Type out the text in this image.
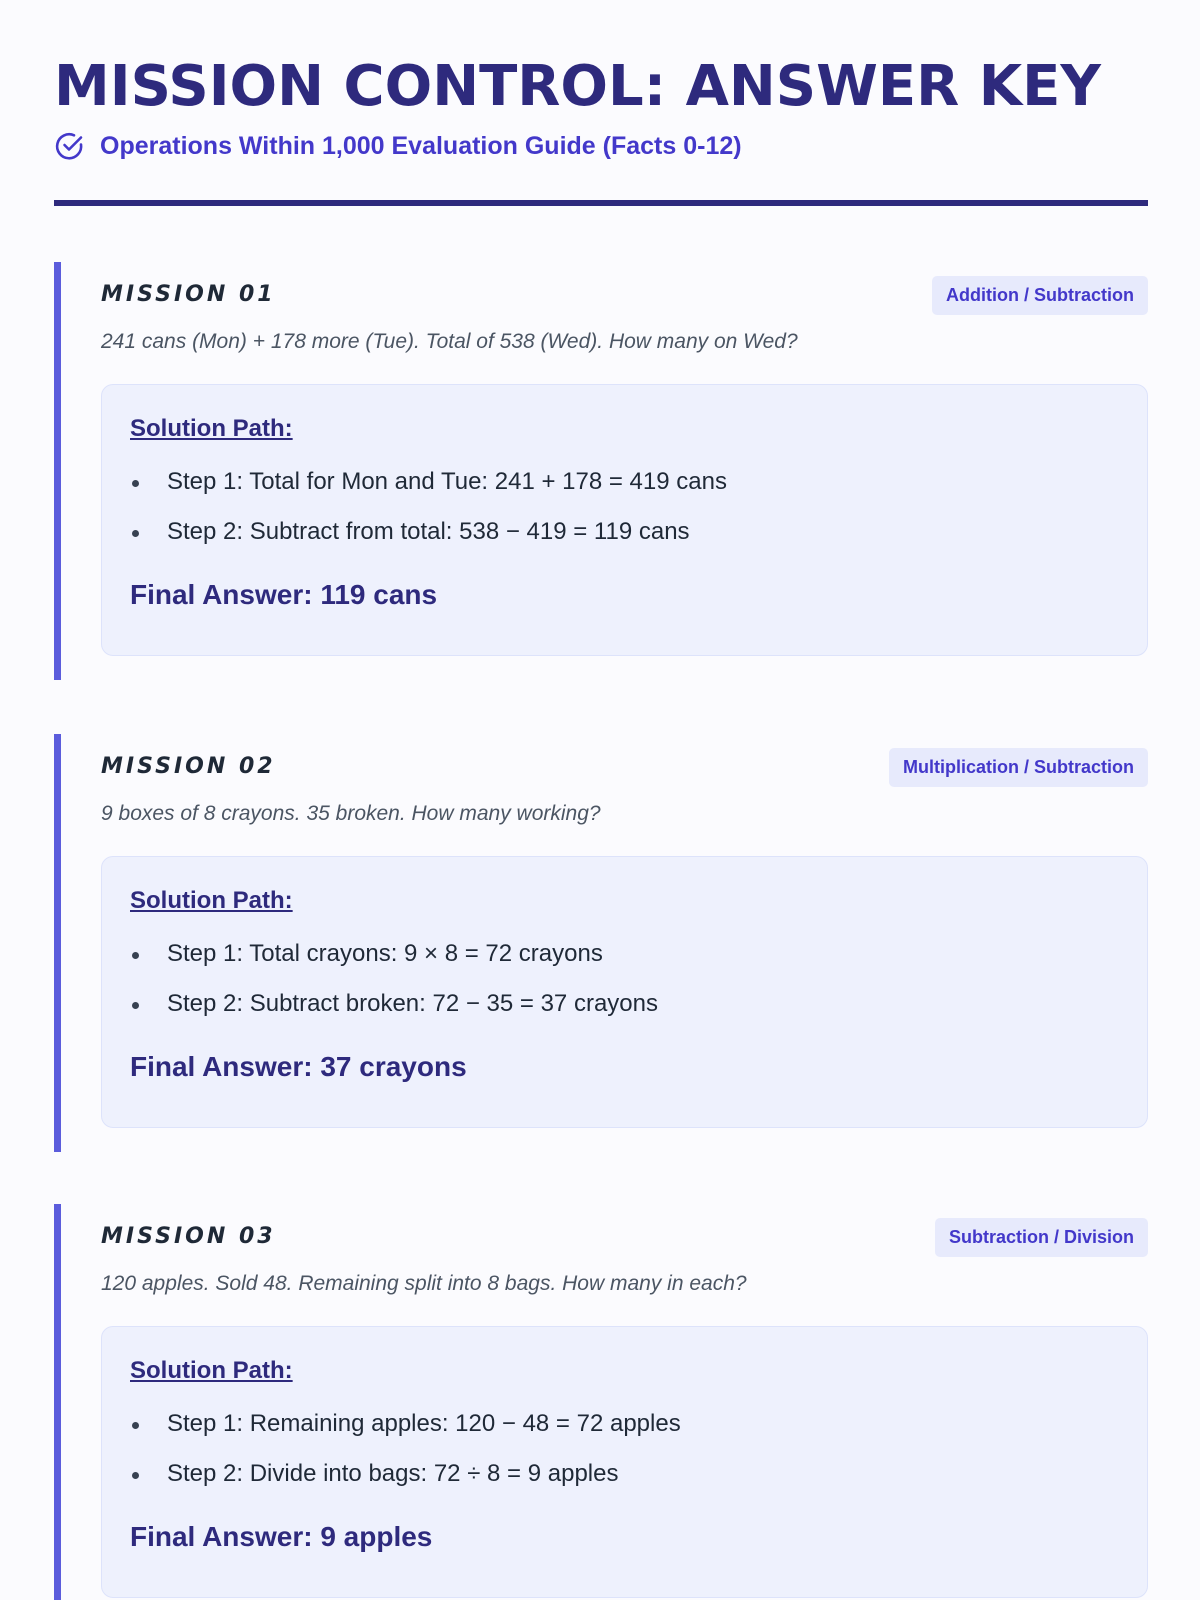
MISSION CONTROL: ANSWER KEY
Operations Within 1,000 Evaluation Guide (Facts 0-12)
MISSION 01	Addition / Subtraction
241 cans (Mon) + 178 more (Tue). Total of 538 (Wed). How many on Wed?
Solution Path:
Step 1: Total for Mon and Tue: 241 + 178 = 419 cans
Step 2: Subtract from total: 538 − 419 = 119 cans
Final Answer: 119 cans
MISSION 02	Multiplication / Subtraction
9 boxes of 8 crayons. 35 broken. How many working?
Solution Path:
Step 1: Total crayons: 9 × 8 = 72 crayons
Step 2: Subtract broken: 72 − 35 = 37 crayons
Final Answer: 37 crayons
MISSION 03	Subtraction / Division
120 apples. Sold 48. Remaining split into 8 bags. How many in each?
Solution Path:
Step 1: Remaining apples: 120 − 48 = 72 apples
Step 2: Divide into bags: 72 ÷ 8 = 9 apples
Final Answer: 9 apples
